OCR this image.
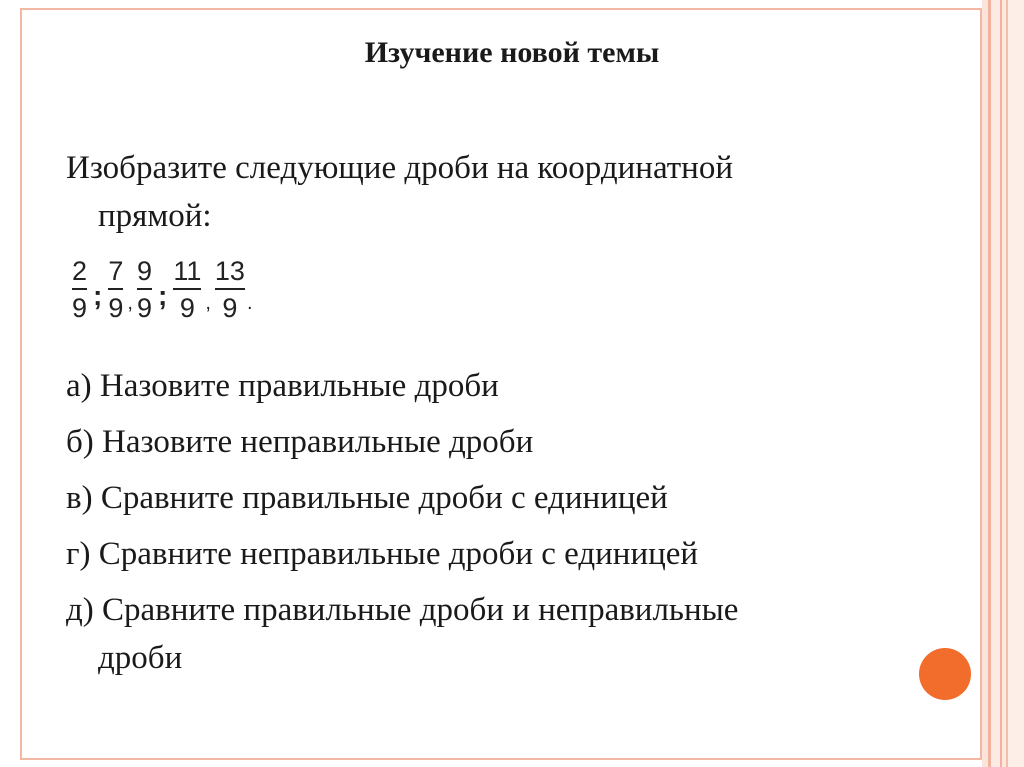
Изучение новой темы
Изобразите следующие дроби на координатной
прямой:
$\frac{2}{9}$ ; $\frac{7}{9}$ , $\frac{9}{9}$ ; $\frac{11}{9}$ , $\frac{13}{9}$ .
а) Назовите правильные дроби
б) Назовите неправильные дроби
в) Сравните правильные дроби с единицей
г) Сравните неправильные дроби с единицей
д) Сравните правильные дроби и неправильные
дроби
